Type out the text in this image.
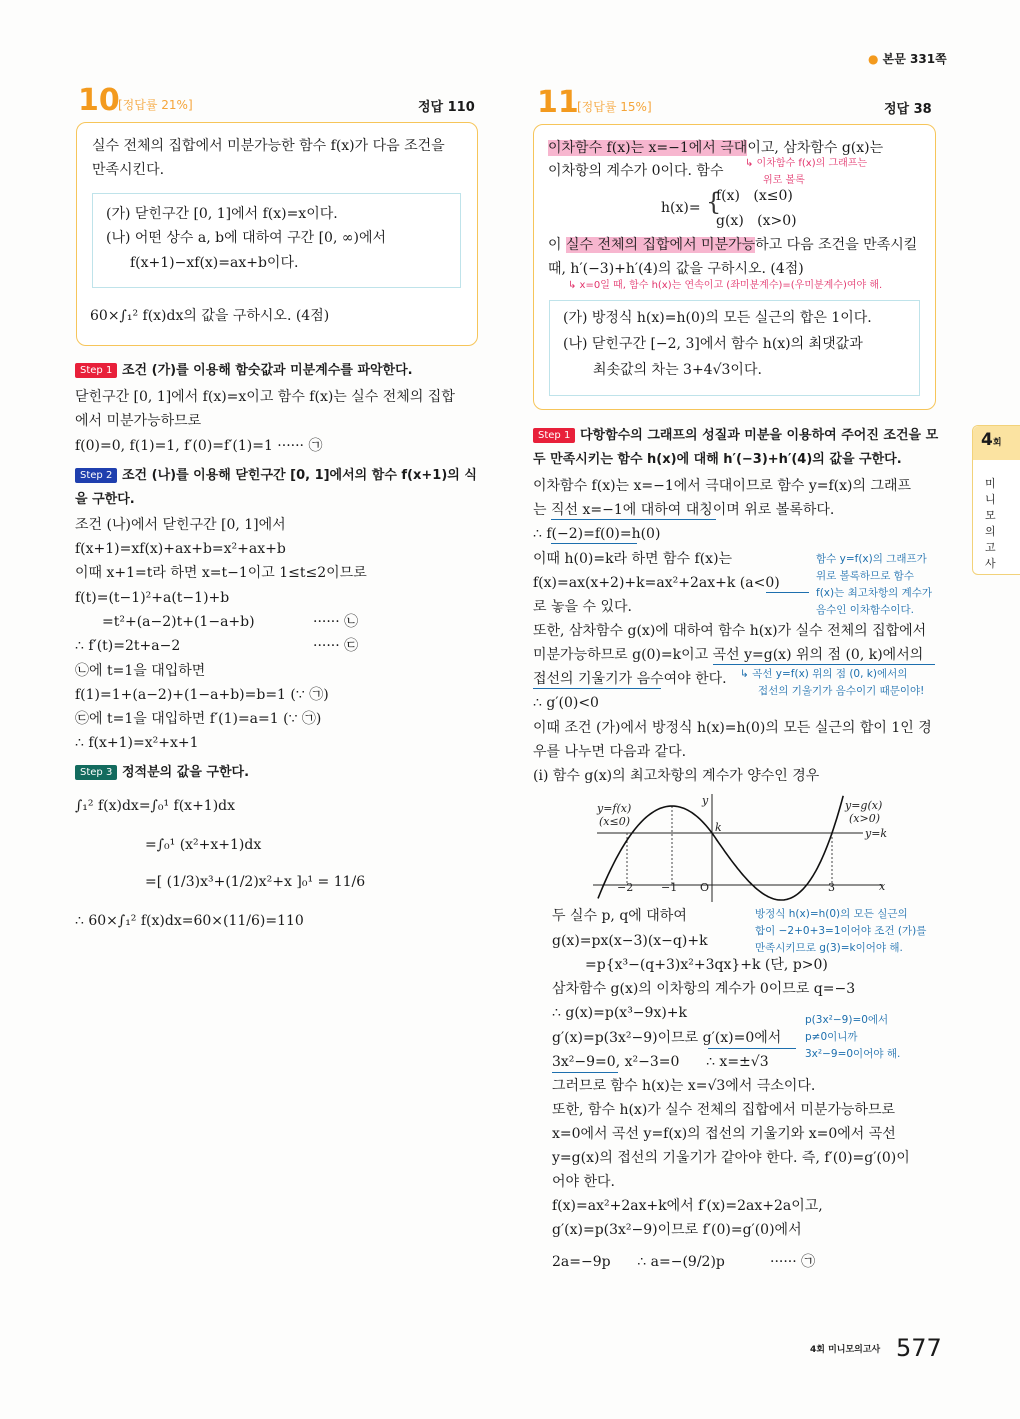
● 본문 331쪽
10
[정답률 21%]	정답 110
실수 전체의 집합에서 미분가능한 함수 f(x)가 다음 조건을
만족시킨다.
(가) 닫힌구간 [0, 1]에서 f(x)=x이다.
(나) 어떤 상수 a, b에 대하여 구간 [0, ∞)에서
f(x+1)−xf(x)=ax+b이다.
60×∫₁² f(x)dx의 값을 구하시오. (4점)
Step 1 조건 (가)를 이용해 함숫값과 미분계수를 파악한다.
닫힌구간 [0, 1]에서 f(x)=x이고 함수 f(x)는 실수 전체의 집합
에서 미분가능하므로
f(0)=0, f(1)=1, f′(0)=f′(1)=1 ······ ㉠
Step 2 조건 (나)를 이용해 닫힌구간 [0, 1]에서의 함수 f(x+1)의 식
을 구한다.
조건 (나)에서 닫힌구간 [0, 1]에서
f(x+1)=xf(x)+ax+b=x²+ax+b
이때 x+1=t라 하면 x=t−1이고 1≤t≤2이므로
f(t)=(t−1)²+a(t−1)+b
=t²+(a−2)t+(1−a+b)	······ ㉡
∴ f′(t)=2t+a−2	······ ㉢
㉡에 t=1을 대입하면
f(1)=1+(a−2)+(1−a+b)=b=1 (∵ ㉠)
㉢에 t=1을 대입하면 f′(1)=a=1 (∵ ㉠)
∴ f(x+1)=x²+x+1
Step 3 정적분의 값을 구한다.
∫₁² f(x)dx=∫₀¹ f(x+1)dx
=∫₀¹ (x²+x+1)dx
=[ (1/3)x³+(1/2)x²+x ]₀¹ = 11/6
∴ 60×∫₁² f(x)dx=60×(11/6)=110
11
[정답률 15%]	정답 38
이차함수 f(x)는 x=−1에서 극대이고, 삼차함수 g(x)는
이차항의 계수가 0이다. 함수 ↳ 이차함수 f(x)의 그래프는
위로 볼록
h(x)= {
f(x)   (x≤0)
g(x)   (x>0)
이 실수 전체의 집합에서 미분가능하고 다음 조건을 만족시킬
때, h′(−3)+h′(4)의 값을 구하시오. (4점)
↳ x=0일 때, 함수 h(x)는 연속이고 (좌미분계수)=(우미분계수)여야 해.
(가) 방정식 h(x)=h(0)의 모든 실근의 합은 1이다.
(나) 닫힌구간 [−2, 3]에서 함수 h(x)의 최댓값과
최솟값의 차는 3+4√3이다.
Step 1 다항함수의 그래프의 성질과 미분을 이용하여 주어진 조건을 모
두 만족시키는 함수 h(x)에 대해 h′(−3)+h′(4)의 값을 구한다.
이차함수 f(x)는 x=−1에서 극대이므로 함수 y=f(x)의 그래프
는 직선 x=−1에 대하여 대칭이며 위로 볼록하다.
∴ f(−2)=f(0)=h(0)
이때 h(0)=k라 하면 함수 f(x)는
f(x)=ax(x+2)+k=ax²+2ax+k (a<0)
로 놓을 수 있다.
또한, 삼차함수 g(x)에 대하여 함수 h(x)가 실수 전체의 집합에서
미분가능하므로 g(0)=k이고 곡선 y=g(x) 위의 점 (0, k)에서의
접선의 기울기가 음수여야 한다.
∴ g′(0)<0
이때 조건 (가)에서 방정식 h(x)=h(0)의 모든 실근의 합이 1인 경
우를 나누면 다음과 같다.
(i) 함수 g(x)의 최고차항의 계수가 양수인 경우
함수 y=f(x)의 그래프가
위로 볼록하므로 함수
f(x)는 최고차항의 계수가
음수인 이차함수이다.
↳ 곡선 y=f(x) 위의 점 (0, k)에서의
접선의 기울기가 음수이기 때문이야!
y=f(x)
(x≤0)
y=g(x)
(x>0)
y=k
k
y
x
O
−2	−1	3
방정식 h(x)=h(0)의 모든 실근의
합이 −2+0+3=1이어야 조건 (가)를
만족시키므로 g(3)=k이어야 해.
두 실수 p, q에 대하여
g(x)=px(x−3)(x−q)+k
=p{x³−(q+3)x²+3qx}+k (단, p>0)
삼차함수 g(x)의 이차항의 계수가 0이므로 q=−3
∴ g(x)=p(x³−9x)+k
g′(x)=p(3x²−9)이므로 g′(x)=0에서
3x²−9=0, x²−3=0      ∴ x=±√3
그러므로 함수 h(x)는 x=√3에서 극소이다.
또한, 함수 h(x)가 실수 전체의 집합에서 미분가능하므로
x=0에서 곡선 y=f(x)의 접선의 기울기와 x=0에서 곡선
y=g(x)의 접선의 기울기가 같아야 한다. 즉, f′(0)=g′(0)이
어야 한다.
f(x)=ax²+2ax+k에서 f′(x)=2ax+2a이고,
g′(x)=p(3x²−9)이므로 f′(0)=g′(0)에서
2a=−9p      ∴ a=−(9/2)p	······ ㉠
p(3x²−9)=0에서
p≠0이니까
3x²−9=0이어야 해.
4회
미니모의고사
4회 미니모의고사 577
